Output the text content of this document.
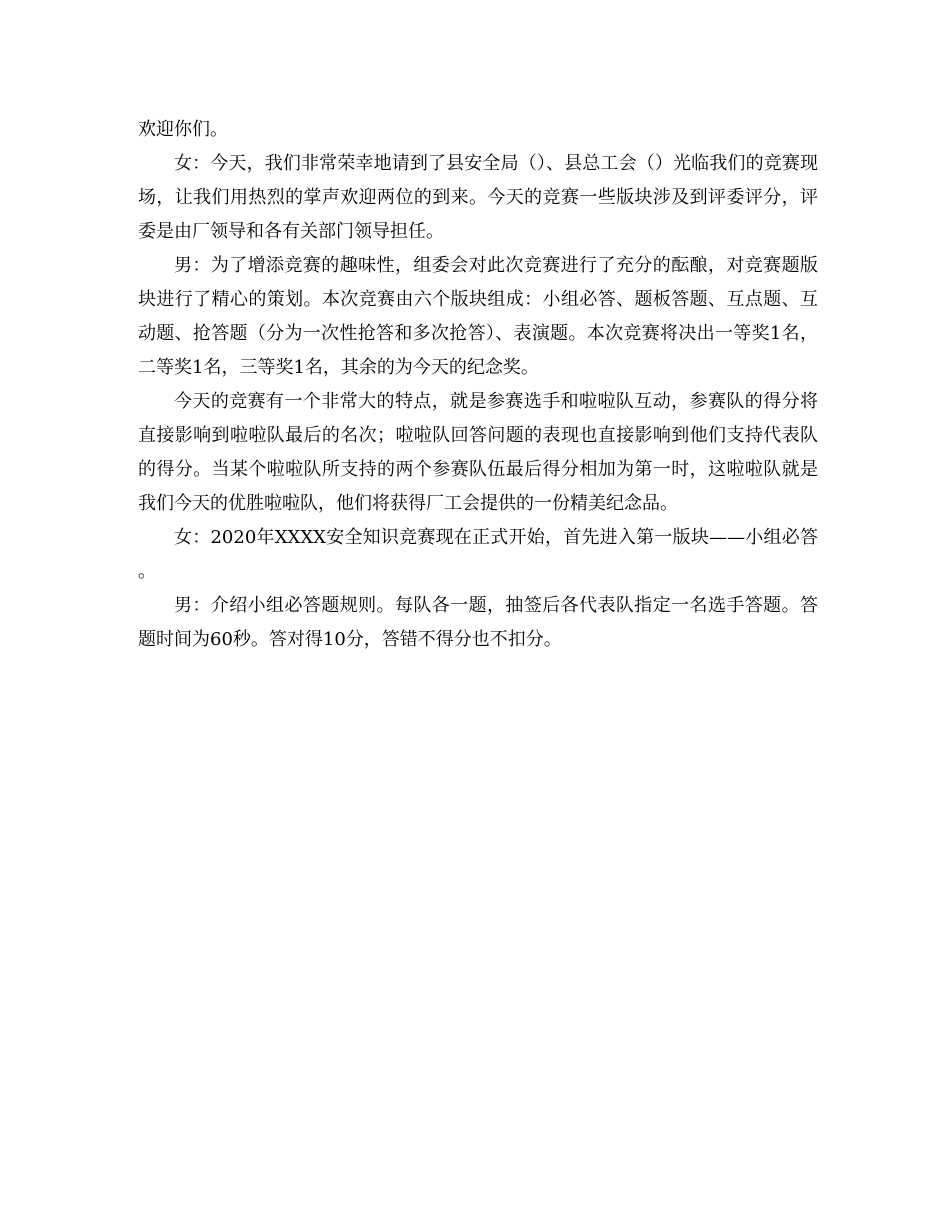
欢迎你们。

女：今天，我们非常荣幸地请到了县安全局（）、县总工会（）光临我们的竞赛现场，让我们用热烈的掌声欢迎两位的到来。今天的竞赛一些版块涉及到评委评分，评委是由厂领导和各有关部门领导担任。

男：为了增添竞赛的趣味性，组委会对此次竞赛进行了充分的酝酿，对竞赛题版块进行了精心的策划。本次竞赛由六个版块组成：小组必答、题板答题、互点题、互动题、抢答题（分为一次性抢答和多次抢答）、表演题。本次竞赛将决出一等奖1名，二等奖1名，三等奖1名，其余的为今天的纪念奖。

今天的竞赛有一个非常大的特点，就是参赛选手和啦啦队互动，参赛队的得分将直接影响到啦啦队最后的名次；啦啦队回答问题的表现也直接影响到他们支持代表队的得分。当某个啦啦队所支持的两个参赛队伍最后得分相加为第一时，这啦啦队就是我们今天的优胜啦啦队，他们将获得厂工会提供的一份精美纪念品。

女：2020年XXXX安全知识竞赛现在正式开始，首先进入第一版块——小组必答。

男：介绍小组必答题规则。每队各一题，抽签后各代表队指定一名选手答题。答题时间为60秒。答对得10分，答错不得分也不扣分。
